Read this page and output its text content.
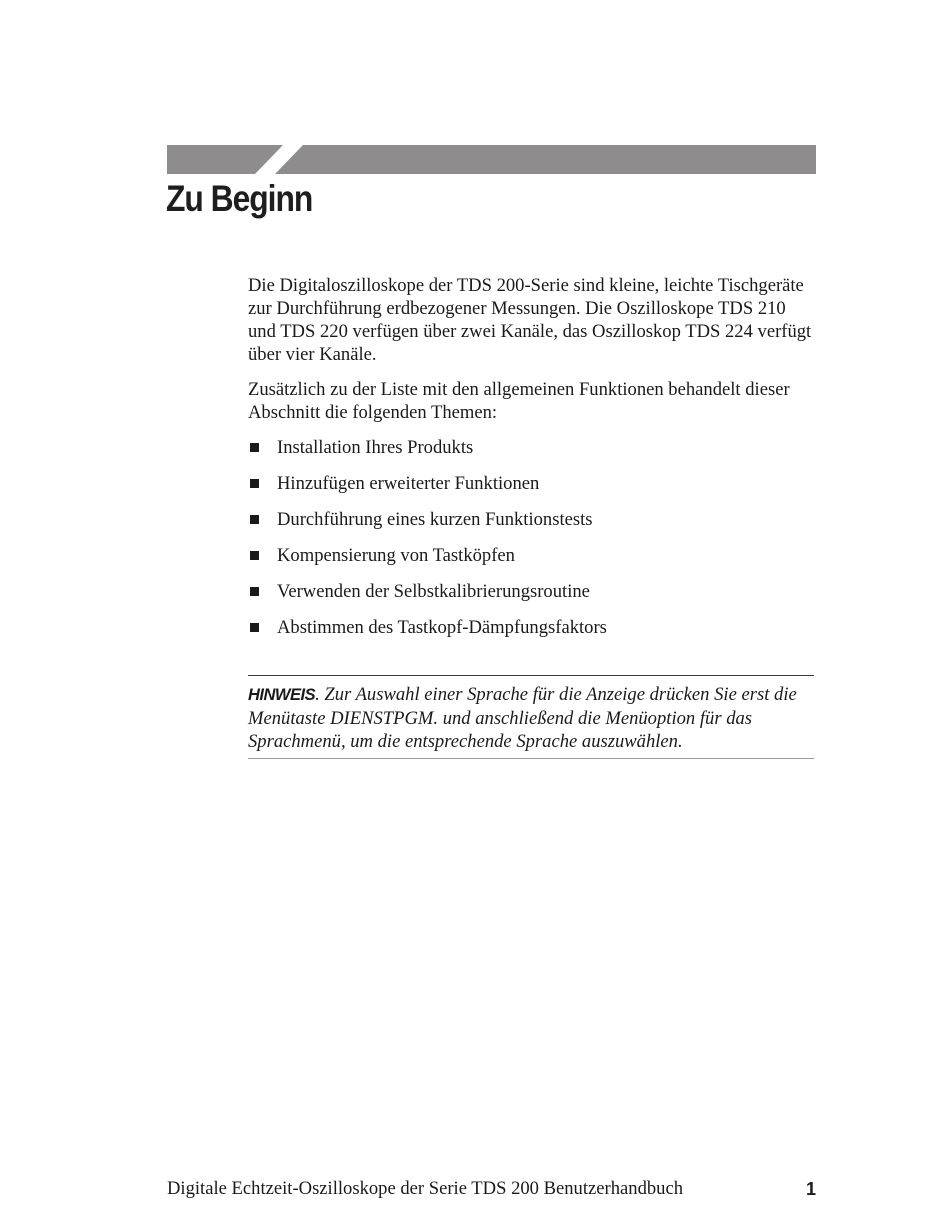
Zu Beginn

Die Digitaloszilloskope der TDS 200-Serie sind kleine, leichte Tischgeräte zur Durchführung erdbezogener Messungen. Die Oszilloskope TDS 210 und TDS 220 verfügen über zwei Kanäle, das Oszilloskop TDS 224 verfügt über vier Kanäle.

Zusätzlich zu der Liste mit den allgemeinen Funktionen behandelt dieser Abschnitt die folgenden Themen:

Installation Ihres Produkts
Hinzufügen erweiterter Funktionen
Durchführung eines kurzen Funktionstests
Kompensierung von Tastköpfen
Verwenden der Selbstkalibrierungsroutine
Abstimmen des Tastkopf-Dämpfungsfaktors
HINWEIS. Zur Auswahl einer Sprache für die Anzeige drücken Sie erst die Menütaste DIENSTPGM. und anschließend die Menüoption für das Sprachmenü, um die entsprechende Sprache auszuwählen.
Digitale Echtzeit-Oszilloskope der Serie TDS 200 Benutzerhandbuch	1
